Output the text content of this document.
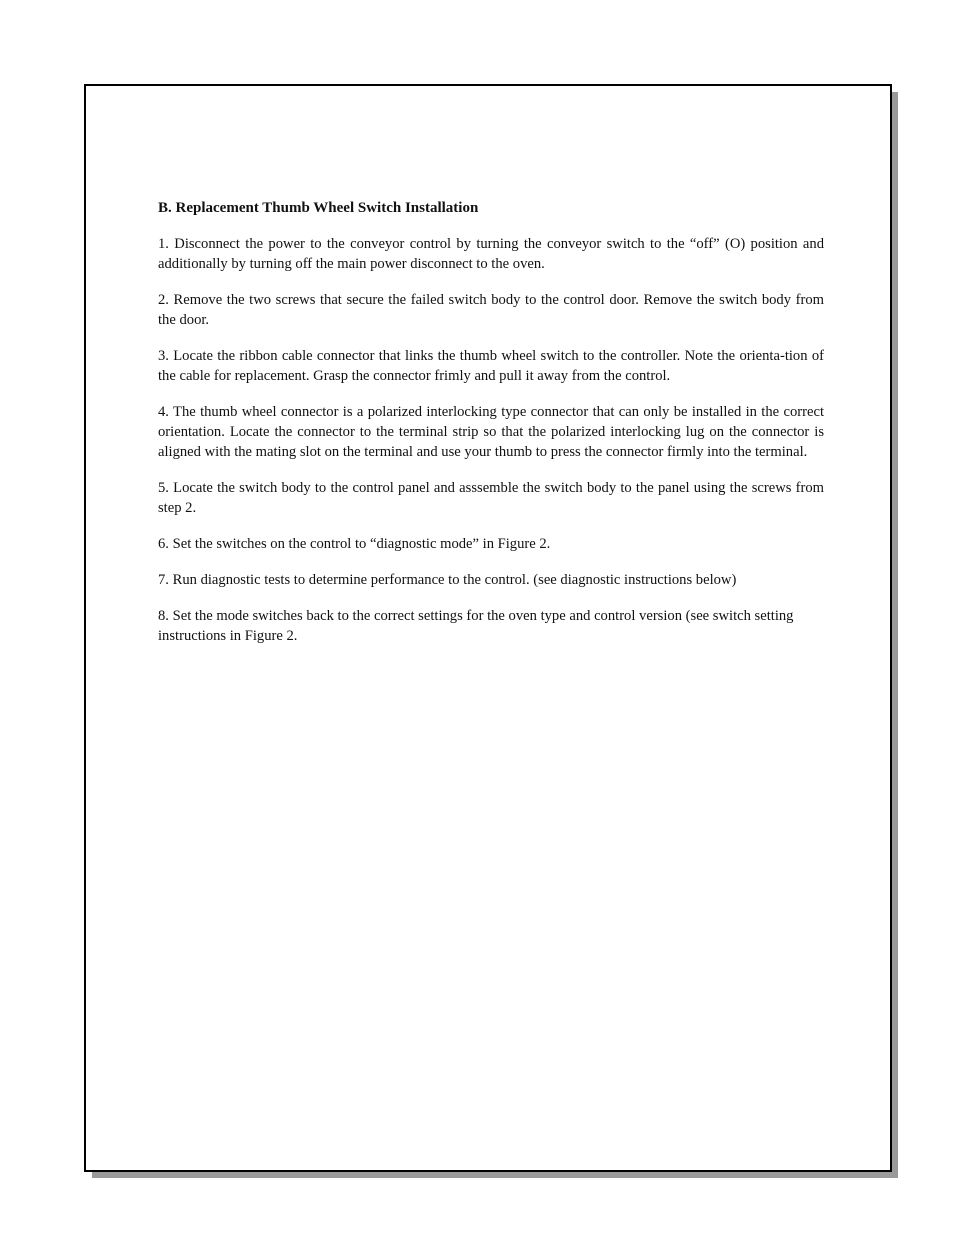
B. Replacement Thumb Wheel Switch Installation

1. Disconnect the power to the conveyor control by turning the conveyor switch to the “off” (O) position and additionally by turning off the main power disconnect to the oven.

2. Remove the two screws that secure the failed switch body to the control door. Remove the switch body from the door.

3. Locate the ribbon cable connector that links the thumb wheel switch to the controller. Note the orienta-tion of the cable for replacement. Grasp the connector frimly and pull it away from the control.

4. The thumb wheel connector is a polarized interlocking type connector that can only be installed in the correct orientation. Locate the connector to the terminal strip so that the polarized interlocking lug on the connector is aligned with the mating slot on the terminal and use your thumb to press the connector firmly into the terminal.

5. Locate the switch body to the control panel and asssemble the switch body to the panel using the screws from step 2.

6. Set the switches on the control to “diagnostic mode” in Figure 2.

7. Run diagnostic tests to determine performance to the control. (see diagnostic instructions below)

8. Set the mode switches back to the correct settings for the oven type and control version (see switch setting instructions in Figure 2.
